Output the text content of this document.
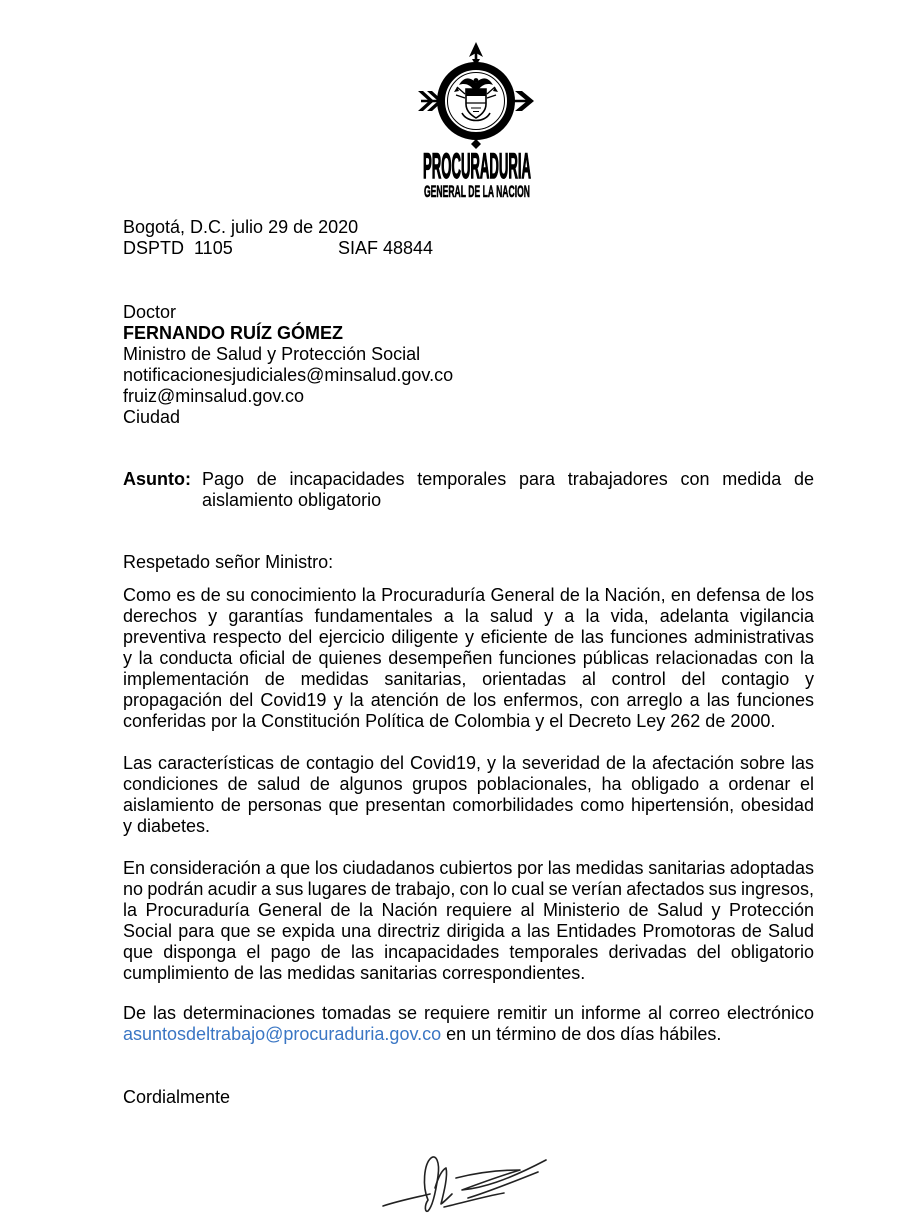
PROCURADURIA
GENERAL DE LA NACION
Bogotá, D.C. julio 29 de 2020
DSPTD  1105	SIAF 48844
Doctor
FERNANDO RUÍZ GÓMEZ
Ministro de Salud y Protección Social
notificacionesjudiciales@minsalud.gov.co
fruiz@minsalud.gov.co
Ciudad
Asunto: Pago de incapacidades temporales para trabajadores con medida de
aislamiento obligatorio
Respetado señor Ministro:
Como es de su conocimiento la Procuraduría General de la Nación, en defensa de los
derechos y garantías fundamentales a la salud y a la vida, adelanta vigilancia
preventiva respecto del ejercicio diligente y eficiente de las funciones administrativas
y la conducta oficial de quienes desempeñen funciones públicas relacionadas con la
implementación de medidas sanitarias, orientadas al control del contagio y
propagación del Covid19 y la atención de los enfermos, con arreglo a las funciones
conferidas por la Constitución Política de Colombia y el Decreto Ley 262 de 2000.
Las características de contagio del Covid19, y la severidad de la afectación sobre las
condiciones de salud de algunos grupos poblacionales, ha obligado a ordenar el
aislamiento de personas que presentan comorbilidades como hipertensión, obesidad
y diabetes.
En consideración a que los ciudadanos cubiertos por las medidas sanitarias adoptadas
no podrán acudir a sus lugares de trabajo, con lo cual se verían afectados sus ingresos,
la Procuraduría General de la Nación requiere al Ministerio de Salud y Protección
Social para que se expida una directriz dirigida a las Entidades Promotoras de Salud
que disponga el pago de las incapacidades temporales derivadas del obligatorio
cumplimiento de las medidas sanitarias correspondientes.
De las determinaciones tomadas se requiere remitir un informe al correo electrónico
asuntosdeltrabajo@procuraduria.gov.co en un término de dos días hábiles.
Cordialmente
